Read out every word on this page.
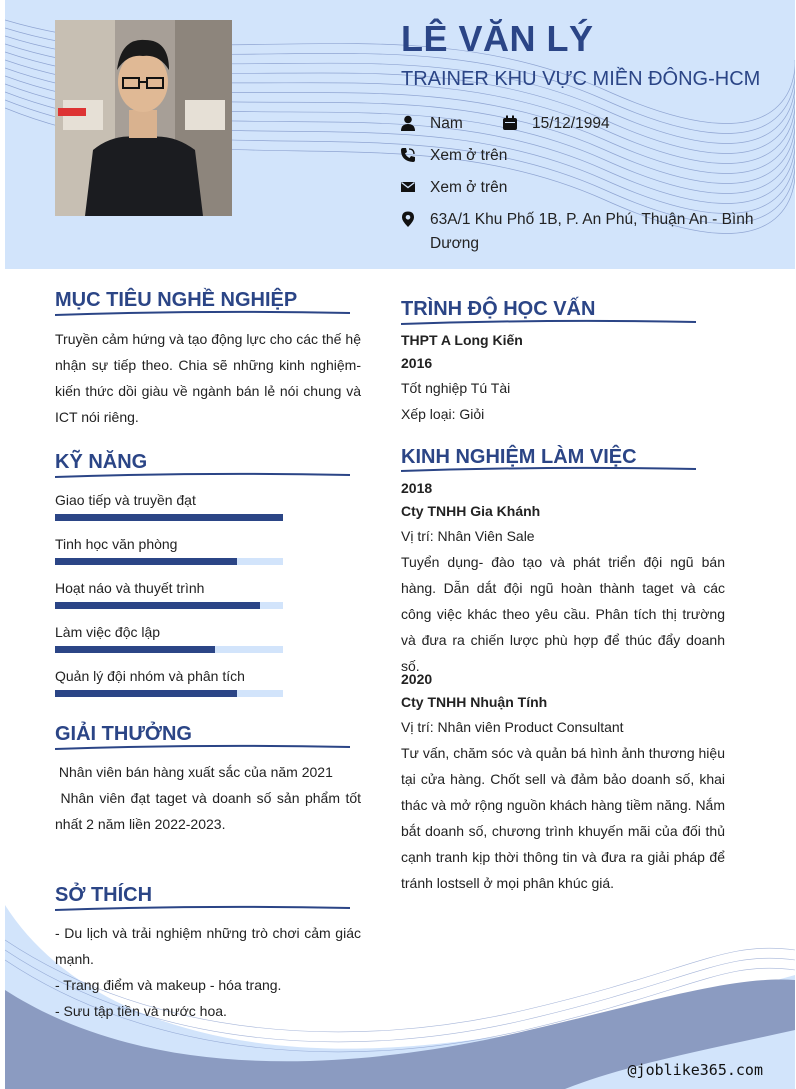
LÊ VĂN LÝ
TRAINER KHU VỰC MIỀN ĐÔNG-HCM
Nam	15/12/1994
Xem ở trên
Xem ở trên
63A/1 Khu Phố 1B, P. An Phú, Thuận An - Bình Dương
MỤC TIÊU NGHỀ NGHIỆP
Truyền cảm hứng và tạo động lực cho các thế hệ nhận sự tiếp theo. Chia sẽ những kinh nghiệm- kiến thức dồi giàu về ngành bán lẻ nói chung và ICT nói riêng.
KỸ NĂNG
Giao tiếp và truyền đạt
Tinh học văn phòng
Hoạt náo và thuyết trình
Làm việc độc lập
Quản lý đội nhóm và phân tích
GIẢI THƯỞNG
Nhân viên bán hàng xuất sắc của năm 2021
Nhân viên đạt taget và doanh số sản phẩm tốt nhất 2 năm liền 2022-2023.
SỞ THÍCH
- Du lịch và trải nghiệm những trò chơi cảm giác mạnh.
- Trang điểm và makeup - hóa trang.
- Sưu tập tiền và nước hoa.
TRÌNH ĐỘ HỌC VẤN
THPT A Long Kiến
2016
Tốt nghiệp Tú Tài
Xếp loại: Giỏi
KINH NGHIỆM LÀM VIỆC
2018
Cty TNHH Gia Khánh
Vị trí: Nhân Viên Sale
Tuyển dụng- đào tạo và phát triển đội ngũ bán hàng. Dẫn dắt đội ngũ hoàn thành taget và các công việc khác theo yêu cầu. Phân tích thị trường và đưa ra chiến lược phù hợp để thúc đẩy doanh số.
2020
Cty TNHH Nhuận Tính
Vị trí: Nhân viên Product Consultant
Tư vấn, chăm sóc và quản bá hình ảnh thương hiệu tại cửa hàng. Chốt sell và đảm bảo doanh số, khai thác và mở rộng nguồn khách hàng tiềm năng. Nắm bắt doanh số, chương trình khuyến mãi của đối thủ cạnh tranh kịp thời thông tin và đưa ra giải pháp để tránh lostsell ở mọi phân khúc giá.
@joblike365.com
